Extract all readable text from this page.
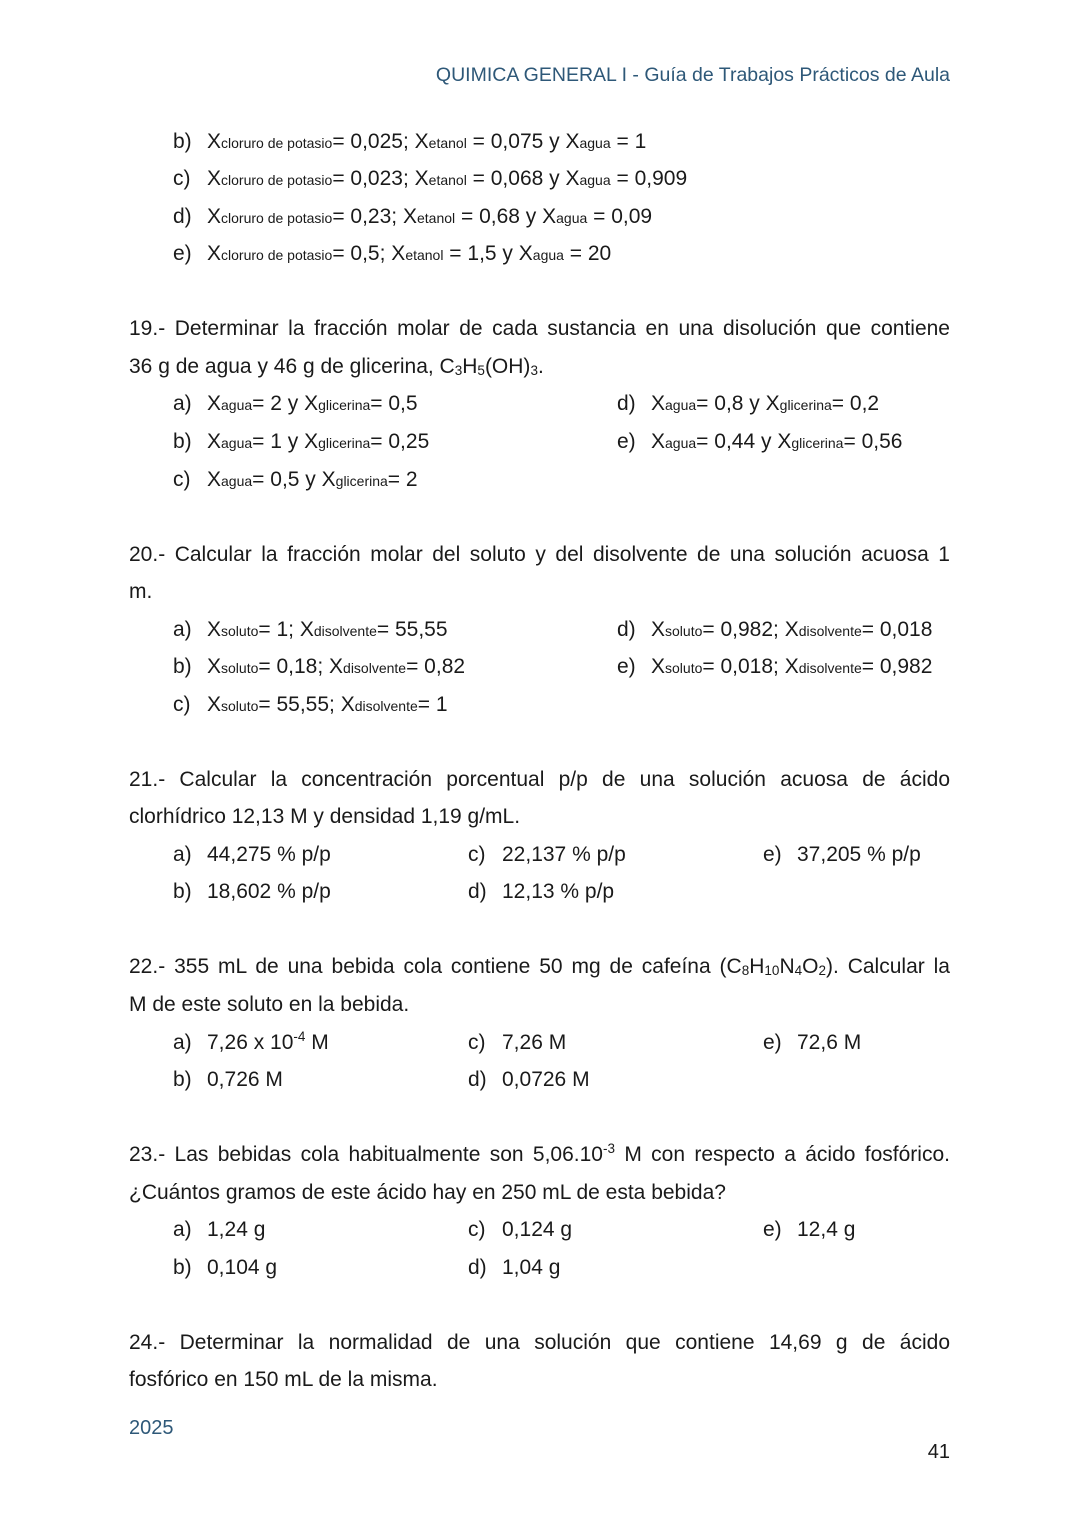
QUIMICA GENERAL I - Guía de Trabajos Prácticos de Aula
b) Xcloruro de potasio= 0,025; Xetanol = 0,075 y Xagua = 1
c) Xcloruro de potasio= 0,023; Xetanol = 0,068 y Xagua = 0,909
d) Xcloruro de potasio= 0,23; Xetanol = 0,68 y Xagua = 0,09
e) Xcloruro de potasio= 0,5; Xetanol = 1,5 y Xagua = 20
19.- Determinar la fracción molar de cada sustancia en una disolución que contiene
36 g de agua y 46 g de glicerina, $C_3H_5(OH)_3$.
a) Xagua= 2 y Xglicerina= 0,5	d) Xagua= 0,8 y Xglicerina= 0,2
b) Xagua= 1 y Xglicerina= 0,25	e) Xagua= 0,44 y Xglicerina= 0,56
c) Xagua= 0,5 y Xglicerina= 2
20.- Calcular la fracción molar del soluto y del disolvente de una solución acuosa 1
m.
a) Xsoluto= 1; Xdisolvente= 55,55	d) Xsoluto= 0,982; Xdisolvente= 0,018
b) Xsoluto= 0,18; Xdisolvente= 0,82	e) Xsoluto= 0,018; Xdisolvente= 0,982
c) Xsoluto= 55,55; Xdisolvente= 1
21.- Calcular la concentración porcentual p/p de una solución acuosa de ácido
clorhídrico 12,13 M y densidad 1,19 g/mL.
a) 44,275 % p/p	c) 22,137 % p/p	e) 37,205 % p/p
b) 18,602 % p/p	d) 12,13 % p/p
22.- 355 mL de una bebida cola contiene 50 mg de cafeína $(C_8H_{10}N_4O_2)$. Calcular la
M de este soluto en la bebida.
a) 7,26 x $10^{-4}$ M	c) 7,26 M	e) 72,6 M
b) 0,726 M	d) 0,0726 M
23.- Las bebidas cola habitualmente son $5,06.10^{-3}$ M con respecto a ácido fosfórico.
¿Cuántos gramos de este ácido hay en 250 mL de esta bebida?
a) 1,24 g	c) 0,124 g	e) 12,4 g
b) 0,104 g	d) 1,04 g
24.- Determinar la normalidad de una solución que contiene 14,69 g de ácido
fosfórico en 150 mL de la misma.
2025
41
